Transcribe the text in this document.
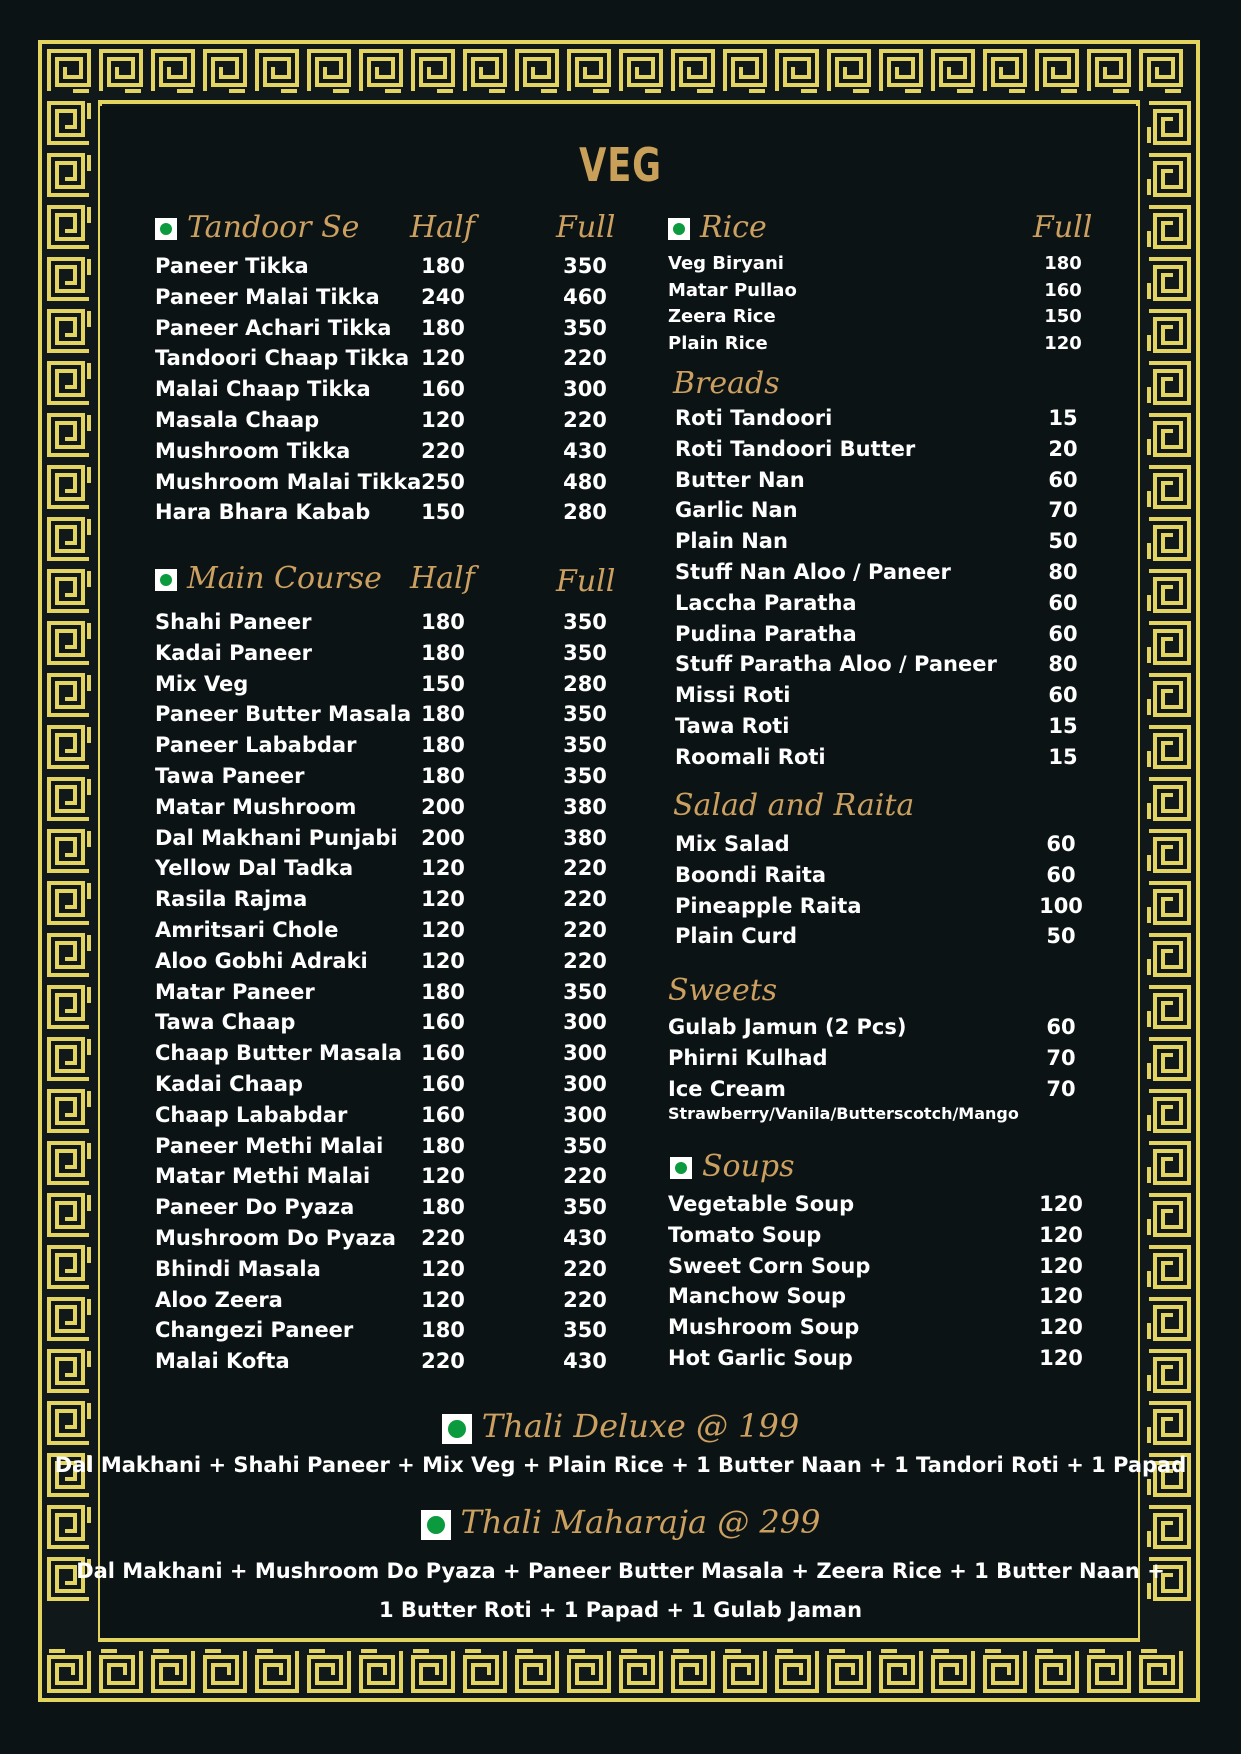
VEG
Tandoor Se Half	Full
Paneer Tikka	180	350
Paneer Malai Tikka	240	460
Paneer Achari Tikka	180	350
Tandoori Chaap Tikka 120	220
Malai Chaap Tikka	160	300
Masala Chaap	120	220
Mushroom Tikka	220	430
Mushroom Malai Tikka 250	480
Hara Bhara Kabab	150	280
Main Course Half	Full
Shahi Paneer	180	350
Kadai Paneer	180	350
Mix Veg	150	280
Paneer Butter Masala 180	350
Paneer Lababdar	180	350
Tawa Paneer	180	350
Matar Mushroom	200	380
Dal Makhani Punjabi	200	380
Yellow Dal Tadka	120	220
Rasila Rajma	120	220
Amritsari Chole	120	220
Aloo Gobhi Adraki	120	220
Matar Paneer	180	350
Tawa Chaap	160	300
Chaap Butter Masala 160	300
Kadai Chaap	160	300
Chaap Lababdar	160	300
Paneer Methi Malai	180	350
Matar Methi Malai	120	220
Paneer Do Pyaza	180	350
Mushroom Do Pyaza	220	430
Bhindi Masala	120	220
Aloo Zeera	120	220
Changezi Paneer	180	350
Malai Kofta	220	430
Rice	Full
Veg Biryani	180
Matar Pullao	160
Zeera Rice	150
Plain Rice	120
Breads
Roti Tandoori	15
Roti Tandoori Butter	20
Butter Nan	60
Garlic Nan	70
Plain Nan	50
Stuff Nan Aloo / Paneer	80
Laccha Paratha	60
Pudina Paratha	60
Stuff Paratha Aloo / Paneer	80
Missi Roti	60
Tawa Roti	15
Roomali Roti	15
Salad and Raita
Mix Salad	60
Boondi Raita	60
Pineapple Raita	100
Plain Curd	50
Sweets
Gulab Jamun (2 Pcs)	60
Phirni Kulhad	70
Ice Cream	70
Strawberry/Vanila/Butterscotch/Mango
Soups
Vegetable Soup	120
Tomato Soup	120
Sweet Corn Soup	120
Manchow Soup	120
Mushroom Soup	120
Hot Garlic Soup	120
Thali Deluxe @ 199
Dal Makhani + Shahi Paneer + Mix Veg + Plain Rice + 1 Butter Naan + 1 Tandori Roti + 1 Papad
Thali Maharaja @ 299
Dal Makhani + Mushroom Do Pyaza + Paneer Butter Masala + Zeera Rice + 1 Butter Naan +
1 Butter Roti + 1 Papad + 1 Gulab Jaman
